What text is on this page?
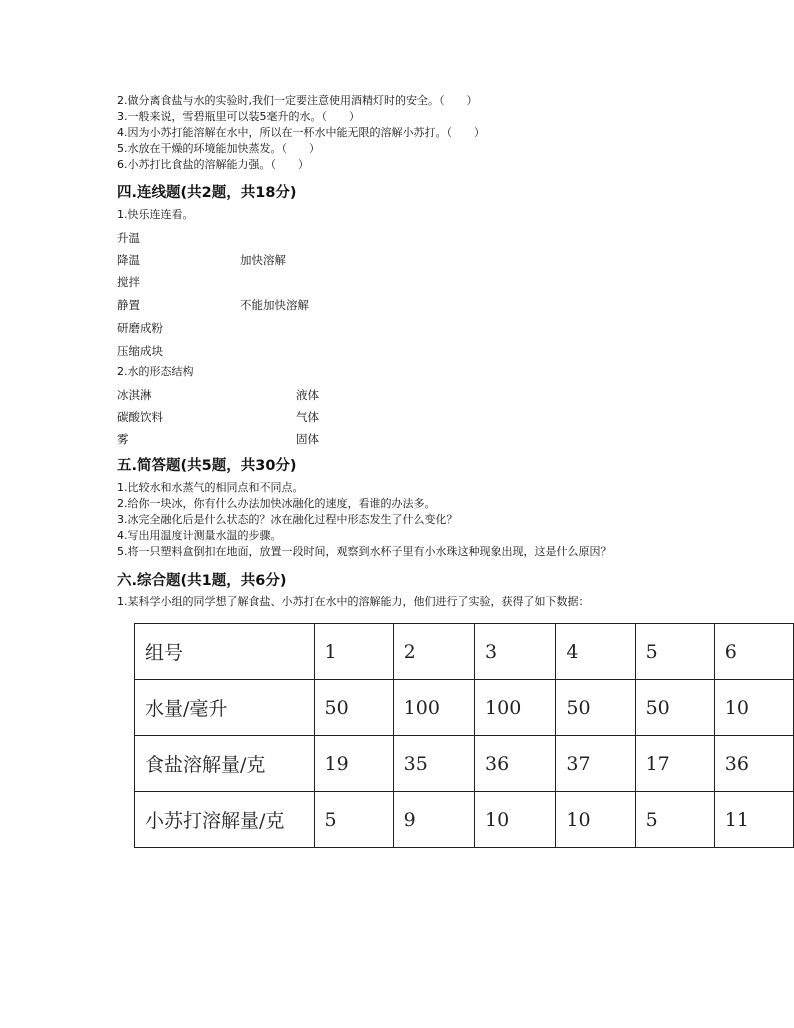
2.做分离食盐与水的实验时,我们一定要注意使用酒精灯时的安全。（　　）
3.一般来说，雪碧瓶里可以装5毫升的水。（　　）
4.因为小苏打能溶解在水中，所以在一杯水中能无限的溶解小苏打。（　　）
5.水放在干燥的环境能加快蒸发。（　　）
6.小苏打比食盐的溶解能力强。（　　）
四.连线题(共2题，共18分)
1.快乐连连看。
升温
降温	加快溶解
搅拌
静置	不能加快溶解
研磨成粉
压缩成块
2.水的形态结构
冰淇淋	液体
碳酸饮料	气体
雾	固体
五.简答题(共5题，共30分)
1.比较水和水蒸气的相同点和不同点。
2.给你一块冰，你有什么办法加快冰融化的速度，看谁的办法多。
3.冰完全融化后是什么状态的？冰在融化过程中形态发生了什么变化？
4.写出用温度计测量水温的步骤。
5.将一只塑料盒倒扣在地面，放置一段时间，观察到水杯子里有小水珠这种现象出现，这是什么原因？
六.综合题(共1题，共6分)
1.某科学小组的同学想了解食盐、小苏打在水中的溶解能力，他们进行了实验，获得了如下数据：
组号	1	2	3	4	5	6
水量/毫升	50	100	100	50	50	10
食盐溶解量/克	19	35	36	37	17	36
小苏打溶解量/克	5	9	10	10	5	11
